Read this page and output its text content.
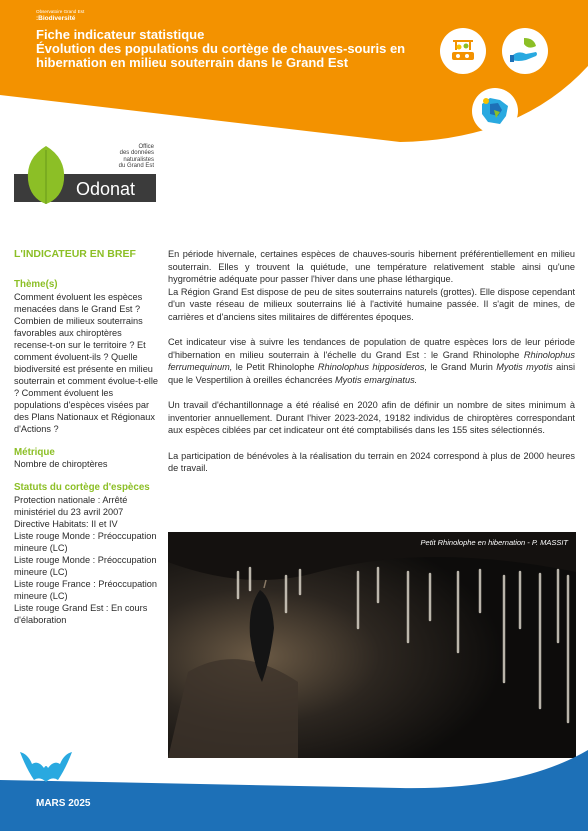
Observatoire Grand Est
:Biodiversité
Fiche indicateur statistique
Évolution des populations du cortège de chauves-souris en hibernation en milieu souterrain dans le Grand Est
Odonat
Office
des données
naturalistes
du Grand Est
L'INDICATEUR EN BREF
Thème(s)
Comment évoluent les espèces menacées dans le Grand Est ? Combien de milieux souterrains favorables aux chiroptères recense-t-on sur le territoire ? Et comment évoluent-ils ? Quelle biodiversité est présente en milieu souterrain et comment évolue-t-elle ? Comment évoluent les populations d'espèces visées par des Plans Nationaux et Régionaux d'Actions ?
Métrique
Nombre de chiroptères
Statuts du cortège d'espèces
Protection nationale : Arrêté ministériel du 23 avril 2007
Directive Habitats: II et IV
Liste rouge Monde : Préoccupation mineure (LC)
Liste rouge Monde : Préoccupation mineure (LC)
Liste rouge France : Préoccupation mineure (LC)
Liste rouge Grand Est : En cours d'élaboration

En période hivernale, certaines espèces de chauves-souris hibernent préférentiellement en milieu souterrain. Elles y trouvent la quiétude, une température relativement stable ainsi qu'une hygrométrie adéquate pour passer l'hiver dans une phase léthargique.

La Région Grand Est dispose de peu de sites souterrains naturels (grottes). Elle dispose cependant d'un vaste réseau de milieux souterrains lié à l'activité humaine passée. Il s'agit de mines, de carrières et d'anciens sites militaires de différentes époques.

Cet indicateur vise à suivre les tendances de population de quatre espèces lors de leur période d'hibernation en milieu souterrain à l'échelle du Grand Est : le Grand Rhinolophe Rhinolophus ferrumequinum, le Petit Rhinolophe Rhinolophus hipposideros, le Grand Murin Myotis myotis ainsi que le Vespertilion à oreilles échancrées Myotis emarginatus.

Un travail d'échantillonnage a été réalisé en 2020 afin de définir un nombre de sites minimum à inventorier annuellement. Durant l'hiver 2023-2024, 19182 individus de chiroptères correspondant aux espèces ciblées par cet indicateur ont été comptabilisés dans les 155 sites sélectionnés.

La participation de bénévoles à la réalisation du terrain en 2024 correspond à plus de 2000 heures de travail.

Petit Rhinolophe en hibernation - P. MASSIT
MARS 2025
